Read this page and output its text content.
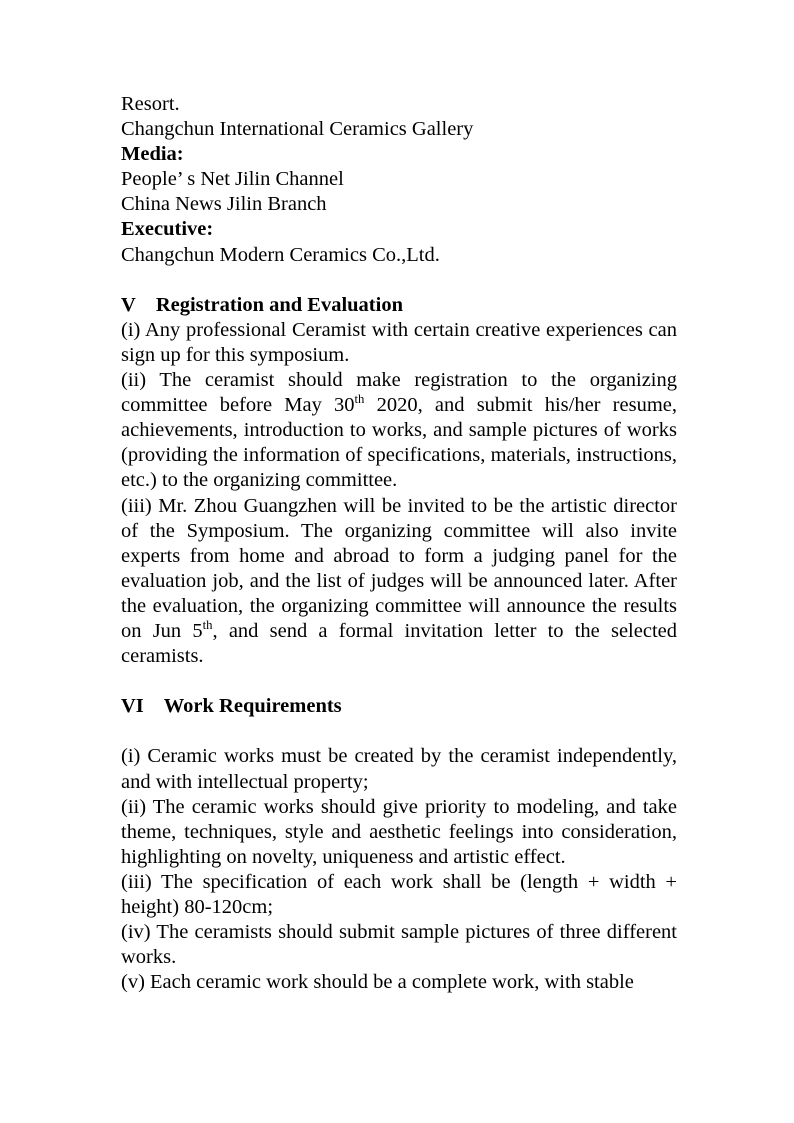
Resort.

Changchun International Ceramics Gallery

Media:

People’ s Net Jilin Channel

China News Jilin Branch

Executive:

Changchun Modern Ceramics Co.,Ltd.

V Registration and Evaluation

(i) Any professional Ceramist with certain creative experiences can sign up for this symposium.

(ii) The ceramist should make registration to the organizing committee before May 30th 2020, and submit his/her resume, achievements, introduction to works, and sample pictures of works (providing the information of specifications, materials, instructions, etc.) to the organizing committee.

(iii) Mr. Zhou Guangzhen will be invited to be the artistic director of the Symposium. The organizing committee will also invite experts from home and abroad to form a judging panel for the evaluation job, and the list of judges will be announced later. After the evaluation, the organizing committee will announce the results on Jun 5th, and send a formal invitation letter to the selected ceramists.

VI Work Requirements

(i) Ceramic works must be created by the ceramist independently, and with intellectual property;

(ii) The ceramic works should give priority to modeling, and take theme, techniques, style and aesthetic feelings into consideration, highlighting on novelty, uniqueness and artistic effect.

(iii) The specification of each work shall be (length + width + height) 80-120cm;

(iv) The ceramists should submit sample pictures of three different works.

(v) Each ceramic work should be a complete work, with stable
